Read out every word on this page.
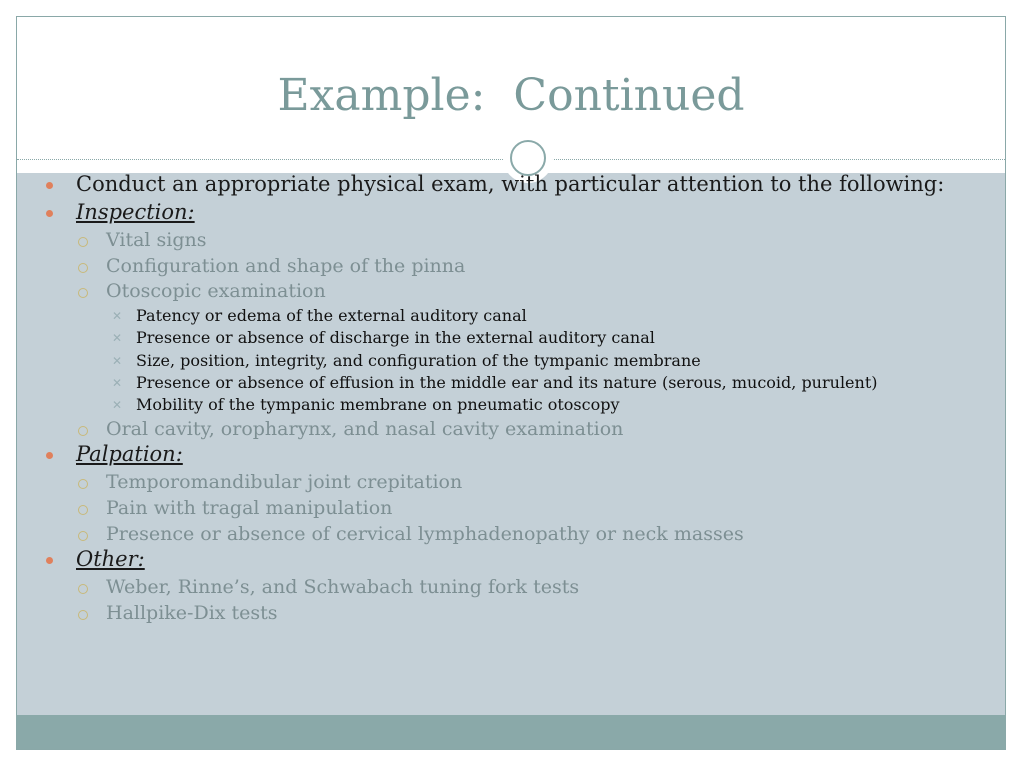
Example:  Continued
Conduct an appropriate physical exam, with particular attention to the following:
Inspection:
Vital signs
Configuration and shape of the pinna
Otoscopic examination
✕ Patency or edema of the external auditory canal
✕ Presence or absence of discharge in the external auditory canal
✕ Size, position, integrity, and configuration of the tympanic membrane
✕ Presence or absence of effusion in the middle ear and its nature (serous, mucoid, purulent)
✕ Mobility of the tympanic membrane on pneumatic otoscopy
Oral cavity, oropharynx, and nasal cavity examination
Palpation:
Temporomandibular joint crepitation
Pain with tragal manipulation
Presence or absence of cervical lymphadenopathy or neck masses
Other:
Weber, Rinne’s, and Schwabach tuning fork tests
Hallpike-Dix tests
